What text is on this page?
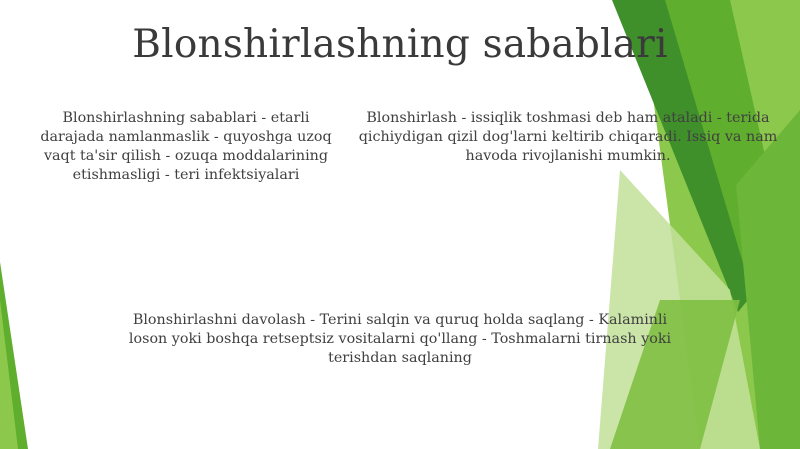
Blonshirlashning sabablari
Blonshirlashning sabablari - etarli darajada namlanmaslik - quyoshga uzoq vaqt ta'sir qilish - ozuqa moddalarining etishmasligi - teri infektsiyalari
Blonshirlash - issiqlik toshmasi deb ham ataladi - terida qichiydigan qizil dog'larni keltirib chiqaradi. Issiq va nam havoda rivojlanishi mumkin.
Blonshirlashni davolash - Terini salqin va quruq holda saqlang - Kalaminli loson yoki boshqa retseptsiz vositalarni qo'llang - Toshmalarni tirnash yoki terishdan saqlaning
